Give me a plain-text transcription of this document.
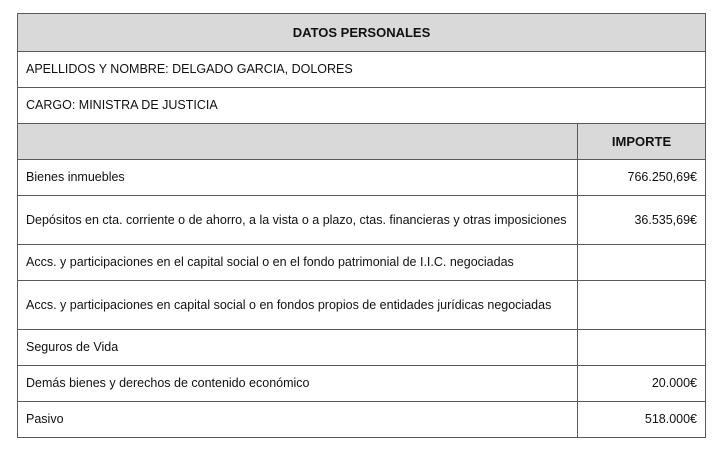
DATOS PERSONALES	
APELLIDOS Y NOMBRE: DELGADO GARCIA, DOLORES	
CARGO: MINISTRA DE JUSTICIA	
	IMPORTE
Bienes inmuebles	766.250,69€
Depósitos en cta. corriente o de ahorro, a la vista o a plazo, ctas. financieras y otras imposiciones	36.535,69€
Accs. y participaciones en el capital social o en el fondo patrimonial de I.I.C. negociadas	
Accs. y participaciones en capital social o en fondos propios de entidades jurídicas negociadas	
Seguros de Vida	
Demás bienes y derechos de contenido económico	20.000€
Pasivo	518.000€
